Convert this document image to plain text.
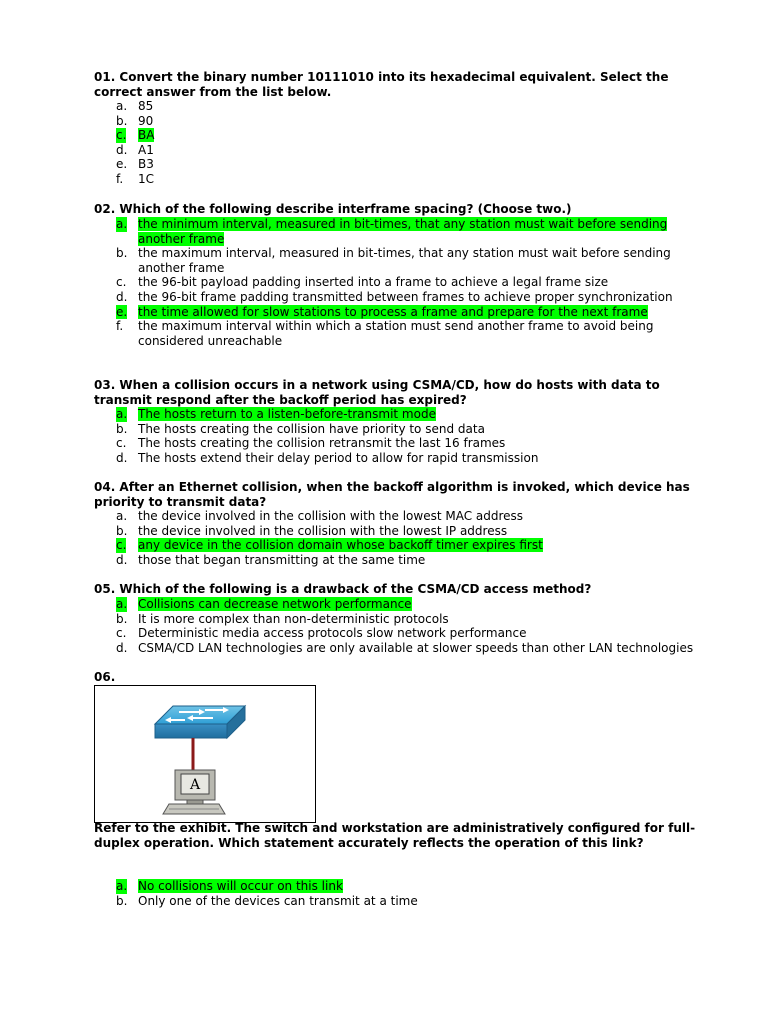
01. Convert the binary number 10111010 into its hexadecimal equivalent. Select the correct answer from the list below.
a. 85
b. 90
c. BA
d. A1
e. B3
f. 1C
02. Which of the following describe interframe spacing? (Choose two.)
a. the minimum interval, measured in bit-times, that any station must wait before sending another frame
b. the maximum interval, measured in bit-times, that any station must wait before sending another frame
c. the 96-bit payload padding inserted into a frame to achieve a legal frame size
d. the 96-bit frame padding transmitted between frames to achieve proper synchronization
e. the time allowed for slow stations to process a frame and prepare for the next frame
f. the maximum interval within which a station must send another frame to avoid being considered unreachable
03. When a collision occurs in a network using CSMA/CD, how do hosts with data to transmit respond after the backoff period has expired?
a. The hosts return to a listen-before-transmit mode
b. The hosts creating the collision have priority to send data
c. The hosts creating the collision retransmit the last 16 frames
d. The hosts extend their delay period to allow for rapid transmission
04. After an Ethernet collision, when the backoff algorithm is invoked, which device has priority to transmit data?
a. the device involved in the collision with the lowest MAC address
b. the device involved in the collision with the lowest IP address
c. any device in the collision domain whose backoff timer expires first
d. those that began transmitting at the same time
05. Which of the following is a drawback of the CSMA/CD access method?
a. Collisions can decrease network performance
b. It is more complex than non-deterministic protocols
c. Deterministic media access protocols slow network performance
d. CSMA/CD LAN technologies are only available at slower speeds than other LAN technologies
06.
A
Refer to the exhibit. The switch and workstation are administratively configured for full-duplex operation. Which statement accurately reflects the operation of this link?
a. No collisions will occur on this link
b. Only one of the devices can transmit at a time
